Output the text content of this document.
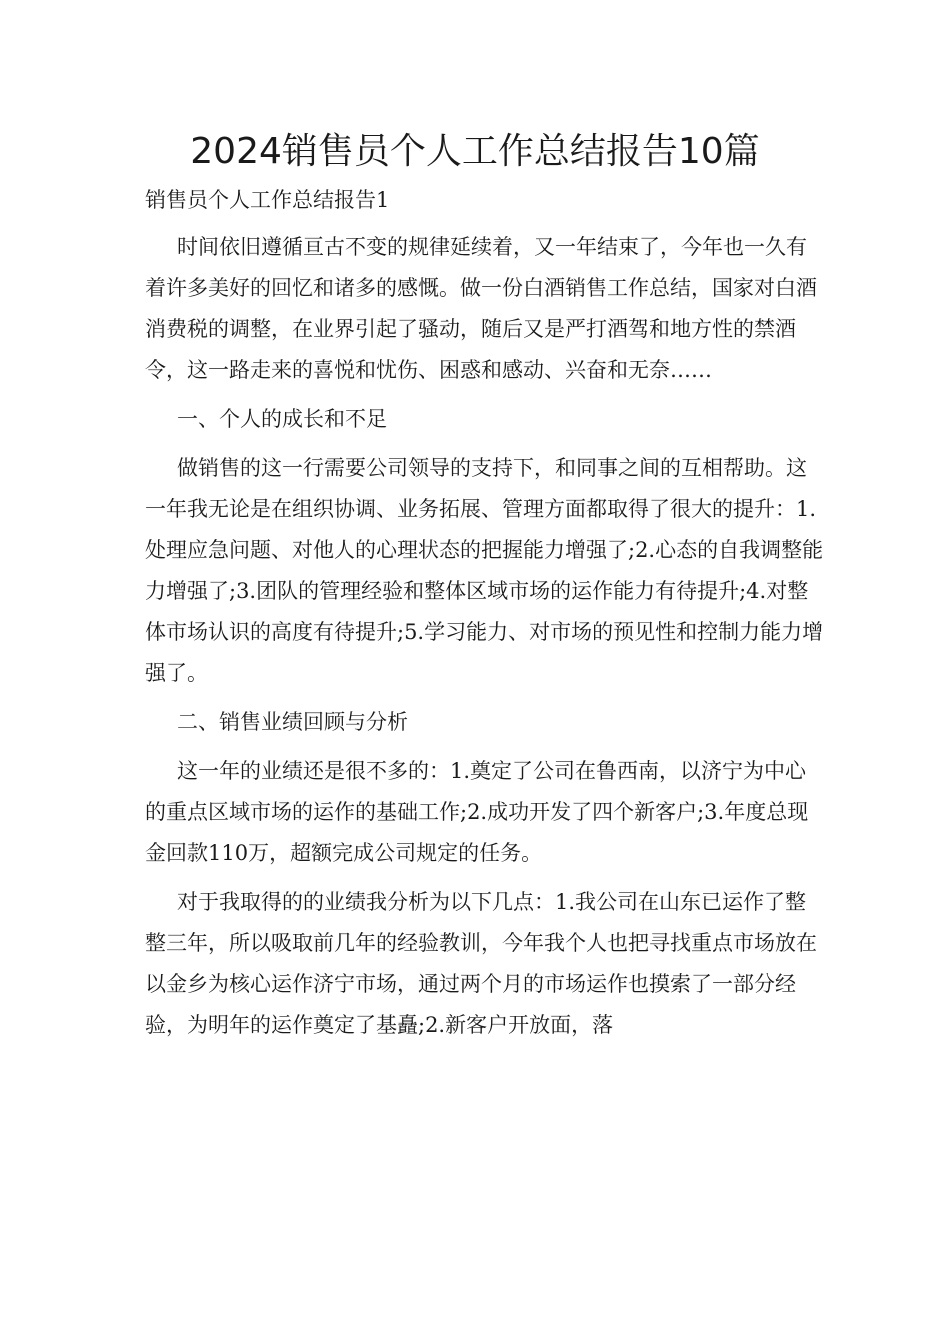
2024销售员个人工作总结报告10篇
销售员个人工作总结报告1

时间依旧遵循亘古不变的规律延续着，又一年结束了，今年也一久有着许多美好的回忆和诸多的感慨。做一份白酒销售工作总结，国家对白酒消费税的调整，在业界引起了骚动，随后又是严打酒驾和地方性的禁酒令，这一路走来的喜悦和忧伤、困惑和感动、兴奋和无奈……

一、个人的成长和不足

做销售的这一行需要公司领导的支持下，和同事之间的互相帮助。这一年我无论是在组织协调、业务拓展、管理方面都取得了很大的提升：1.处理应急问题、对他人的心理状态的把握能力增强了;2.心态的自我调整能力增强了;3.团队的管理经验和整体区域市场的运作能力有待提升;4.对整体市场认识的高度有待提升;5.学习能力、对市场的预见性和控制力能力增强了。

二、销售业绩回顾与分析

这一年的业绩还是很不多的：1.奠定了公司在鲁西南，以济宁为中心的重点区域市场的运作的基础工作;2.成功开发了四个新客户;3.年度总现金回款110万，超额完成公司规定的任务。

对于我取得的的业绩我分析为以下几点：1.我公司在山东已运作了整整三年，所以吸取前几年的经验教训，今年我个人也把寻找重点市场放在以金乡为核心运作济宁市场，通过两个月的市场运作也摸索了一部分经验，为明年的运作奠定了基矗;2.新客户开放面，落
